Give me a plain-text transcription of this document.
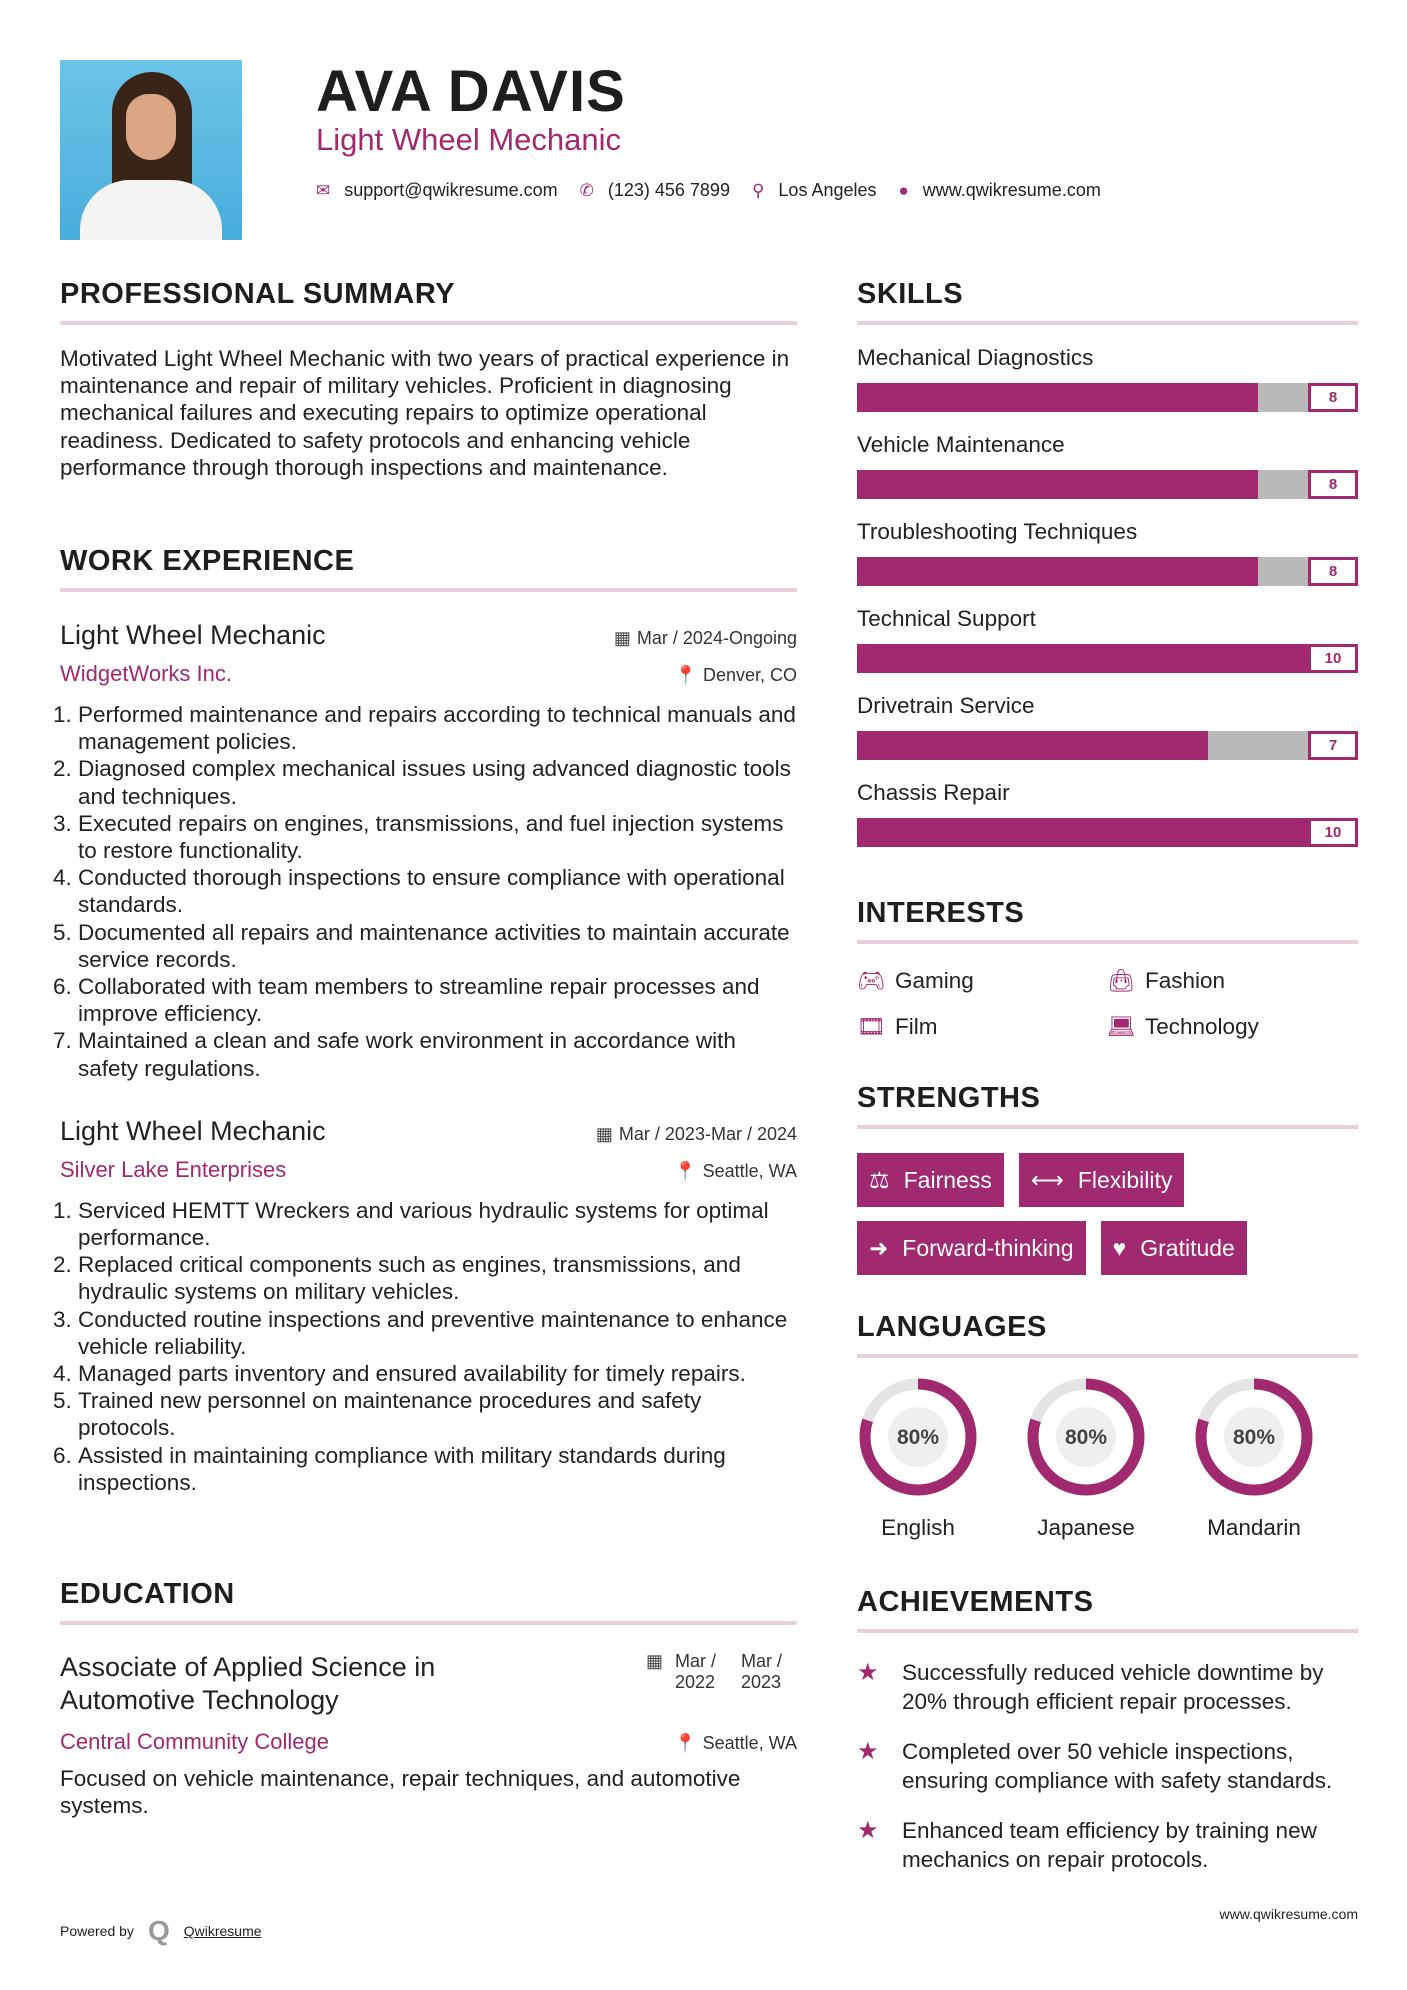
AVA DAVIS
Light Wheel Mechanic
✉ support@qwikresume.com ✆ (123) 456 7899 ⚲ Los Angeles ● www.qwikresume.com
PROFESSIONAL SUMMARY

Motivated Light Wheel Mechanic with two years of practical experience in maintenance and repair of military vehicles. Proficient in diagnosing mechanical failures and executing repairs to optimize operational readiness. Dedicated to safety protocols and enhancing vehicle performance through thorough inspections and maintenance.

WORK EXPERIENCE
Light Wheel Mechanic	▦ Mar / 2024-Ongoing
WidgetWorks Inc.	📍 Denver, CO
1. Performed maintenance and repairs according to technical manuals and management policies.
2. Diagnosed complex mechanical issues using advanced diagnostic tools and techniques.
3. Executed repairs on engines, transmissions, and fuel injection systems to restore functionality.
4. Conducted thorough inspections to ensure compliance with operational standards.
5. Documented all repairs and maintenance activities to maintain accurate service records.
6. Collaborated with team members to streamline repair processes and improve efficiency.
7. Maintained a clean and safe work environment in accordance with safety regulations.
Light Wheel Mechanic	▦ Mar / 2023-Mar / 2024
Silver Lake Enterprises	📍 Seattle, WA
1. Serviced HEMTT Wreckers and various hydraulic systems for optimal performance.
2. Replaced critical components such as engines, transmissions, and hydraulic systems on military vehicles.
3. Conducted routine inspections and preventive maintenance to enhance vehicle reliability.
4. Managed parts inventory and ensured availability for timely repairs.
5. Trained new personnel on maintenance procedures and safety protocols.
6. Assisted in maintaining compliance with military standards during inspections.
EDUCATION
Associate of Applied Science in Automotive Technology
▦ Mar / 2022
Mar / 2023
Central Community College	📍 Seattle, WA

Focused on vehicle maintenance, repair techniques, and automotive systems.

SKILLS
Mechanical Diagnostics
8
Vehicle Maintenance
8
Troubleshooting Techniques
8
Technical Support
10
Drivetrain Service
7
Chassis Repair
10
INTERESTS
🎮︎ Gaming	👜︎ Fashion
🎞︎ Film	💻︎ Technology
STRENGTHS
⚖ Fairness ⟷ Flexibility
➜ Forward-thinking ♥ Gratitude
LANGUAGES
80%
English
80%
Japanese
80%
Mandarin
ACHIEVEMENTS
★	Successfully reduced vehicle downtime by 20% through efficient repair processes.
★	Completed over 50 vehicle inspections, ensuring compliance with safety standards.
★	Enhanced team efficiency by training new mechanics on repair protocols.
Powered by Q Qwikresume
www.qwikresume.com
